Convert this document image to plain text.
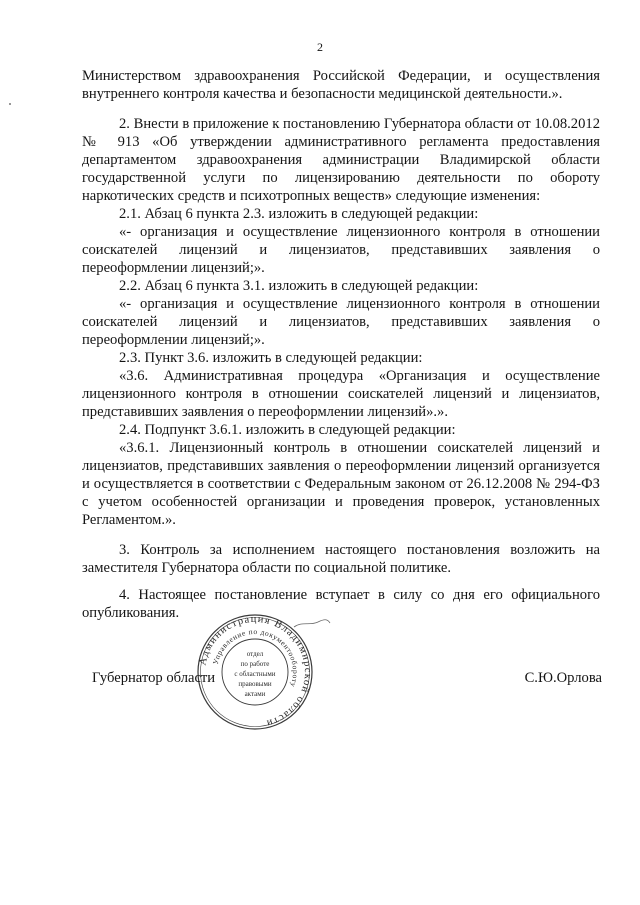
2

Министерством здравоохранения Российской Федерации, и осуществления внутреннего контроля качества и безопасности медицинской деятельности.».

2. Внести в приложение к постановлению Губернатора области от 10.08.2012 № 913 «Об утверждении административного регламента предоставления департаментом здравоохранения администрации Владимирской области государственной услуги по лицензированию деятельности по обороту наркотических средств и психотропных веществ» следующие изменения:

2.1. Абзац 6 пункта 2.3. изложить в следующей редакции:

«- организация и осуществление лицензионного контроля в отношении соискателей лицензий и лицензиатов, представивших заявления о переоформлении лицензий;».

2.2. Абзац 6 пункта 3.1. изложить в следующей редакции:

«- организация и осуществление лицензионного контроля в отношении соискателей лицензий и лицензиатов, представивших заявления о переоформлении лицензий;».

2.3. Пункт 3.6. изложить в следующей редакции:

«3.6. Административная процедура «Организация и осуществление лицензионного контроля в отношении соискателей лицензий и лицензиатов, представивших заявления о переоформлении лицензий».».

2.4. Подпункт 3.6.1. изложить в следующей редакции:

«3.6.1. Лицензионный контроль в отношении соискателей лицензий и лицензиатов, представивших заявления о переоформлении лицензий организуется и осуществляется в соответствии с Федеральным законом от 26.12.2008 № 294-ФЗ с учетом особенностей организации и проведения проверок, установленных Регламентом.».

3. Контроль за исполнением настоящего постановления возложить на заместителя Губернатора области по социальной политике.

4. Настоящее постановление вступает в силу со дня его официального опубликования.

Администрация Владимирской области
Управление по документообороту
отдел
по работе
с областными
правовыми
актами
Губернатор области	С.Ю.Орлова
